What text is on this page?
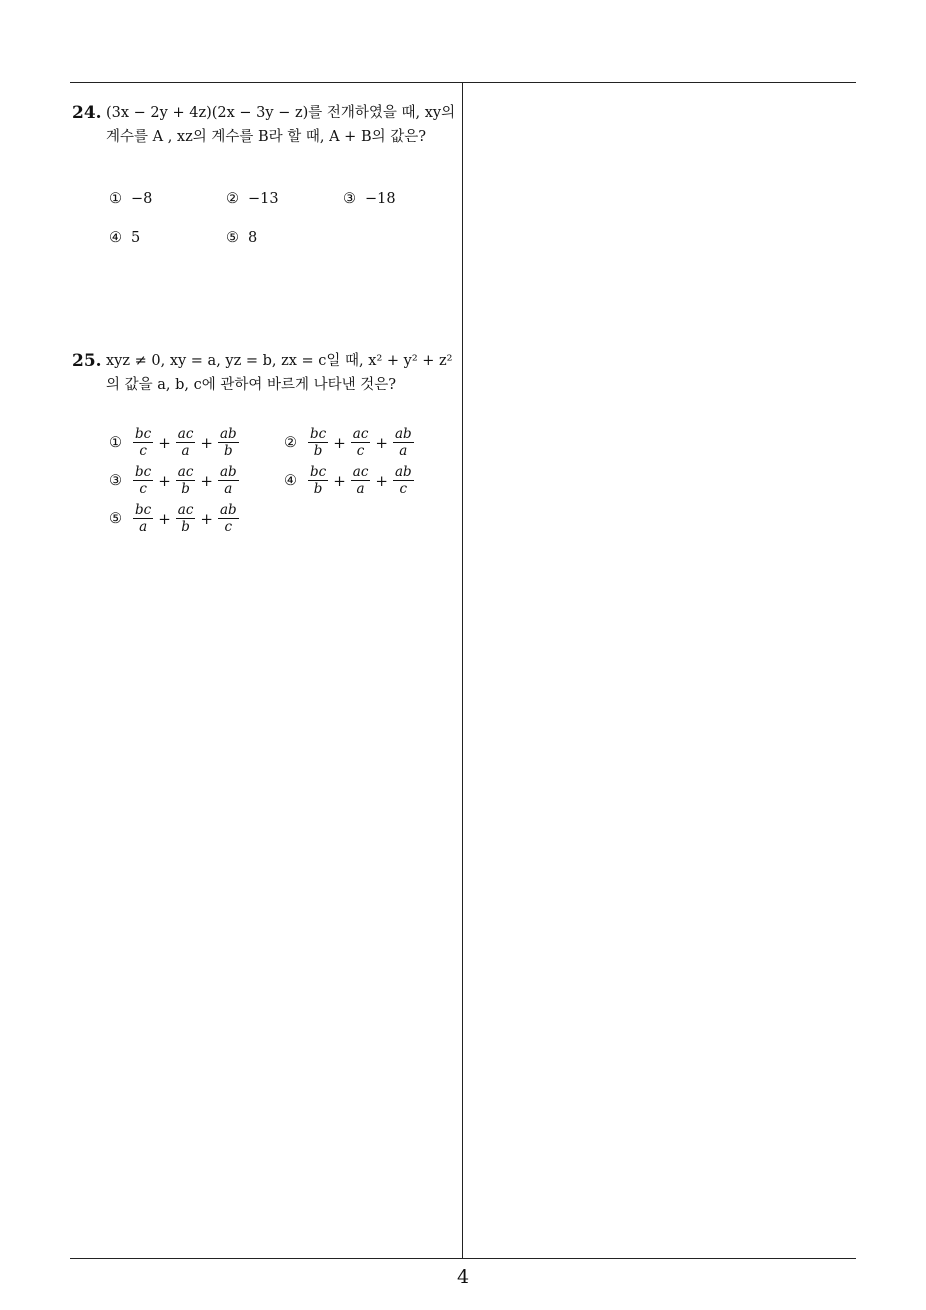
24. (3x − 2y + 4z)(2x − 3y − z)를 전개하였을 때, xy의
계수를 A , xz의 계수를 B라 할 때, A + B의 값은?
① −8	② −13	③ −18
④ 5	⑤ 8
25. xyz ≠ 0, xy = a, yz = b, zx = c일 때, x² + y² + z²
의 값을 a, b, c에 관하여 바르게 나타낸 것은?
① $\frac{bc}{c} + \frac{ac}{a} + \frac{ab}{b}$	② $\frac{bc}{b} + \frac{ac}{c} + \frac{ab}{a}$
③ $\frac{bc}{c} + \frac{ac}{b} + \frac{ab}{a}$	④ $\frac{bc}{b} + \frac{ac}{a} + \frac{ab}{c}$
⑤ $\frac{bc}{a} + \frac{ac}{b} + \frac{ab}{c}$
4
